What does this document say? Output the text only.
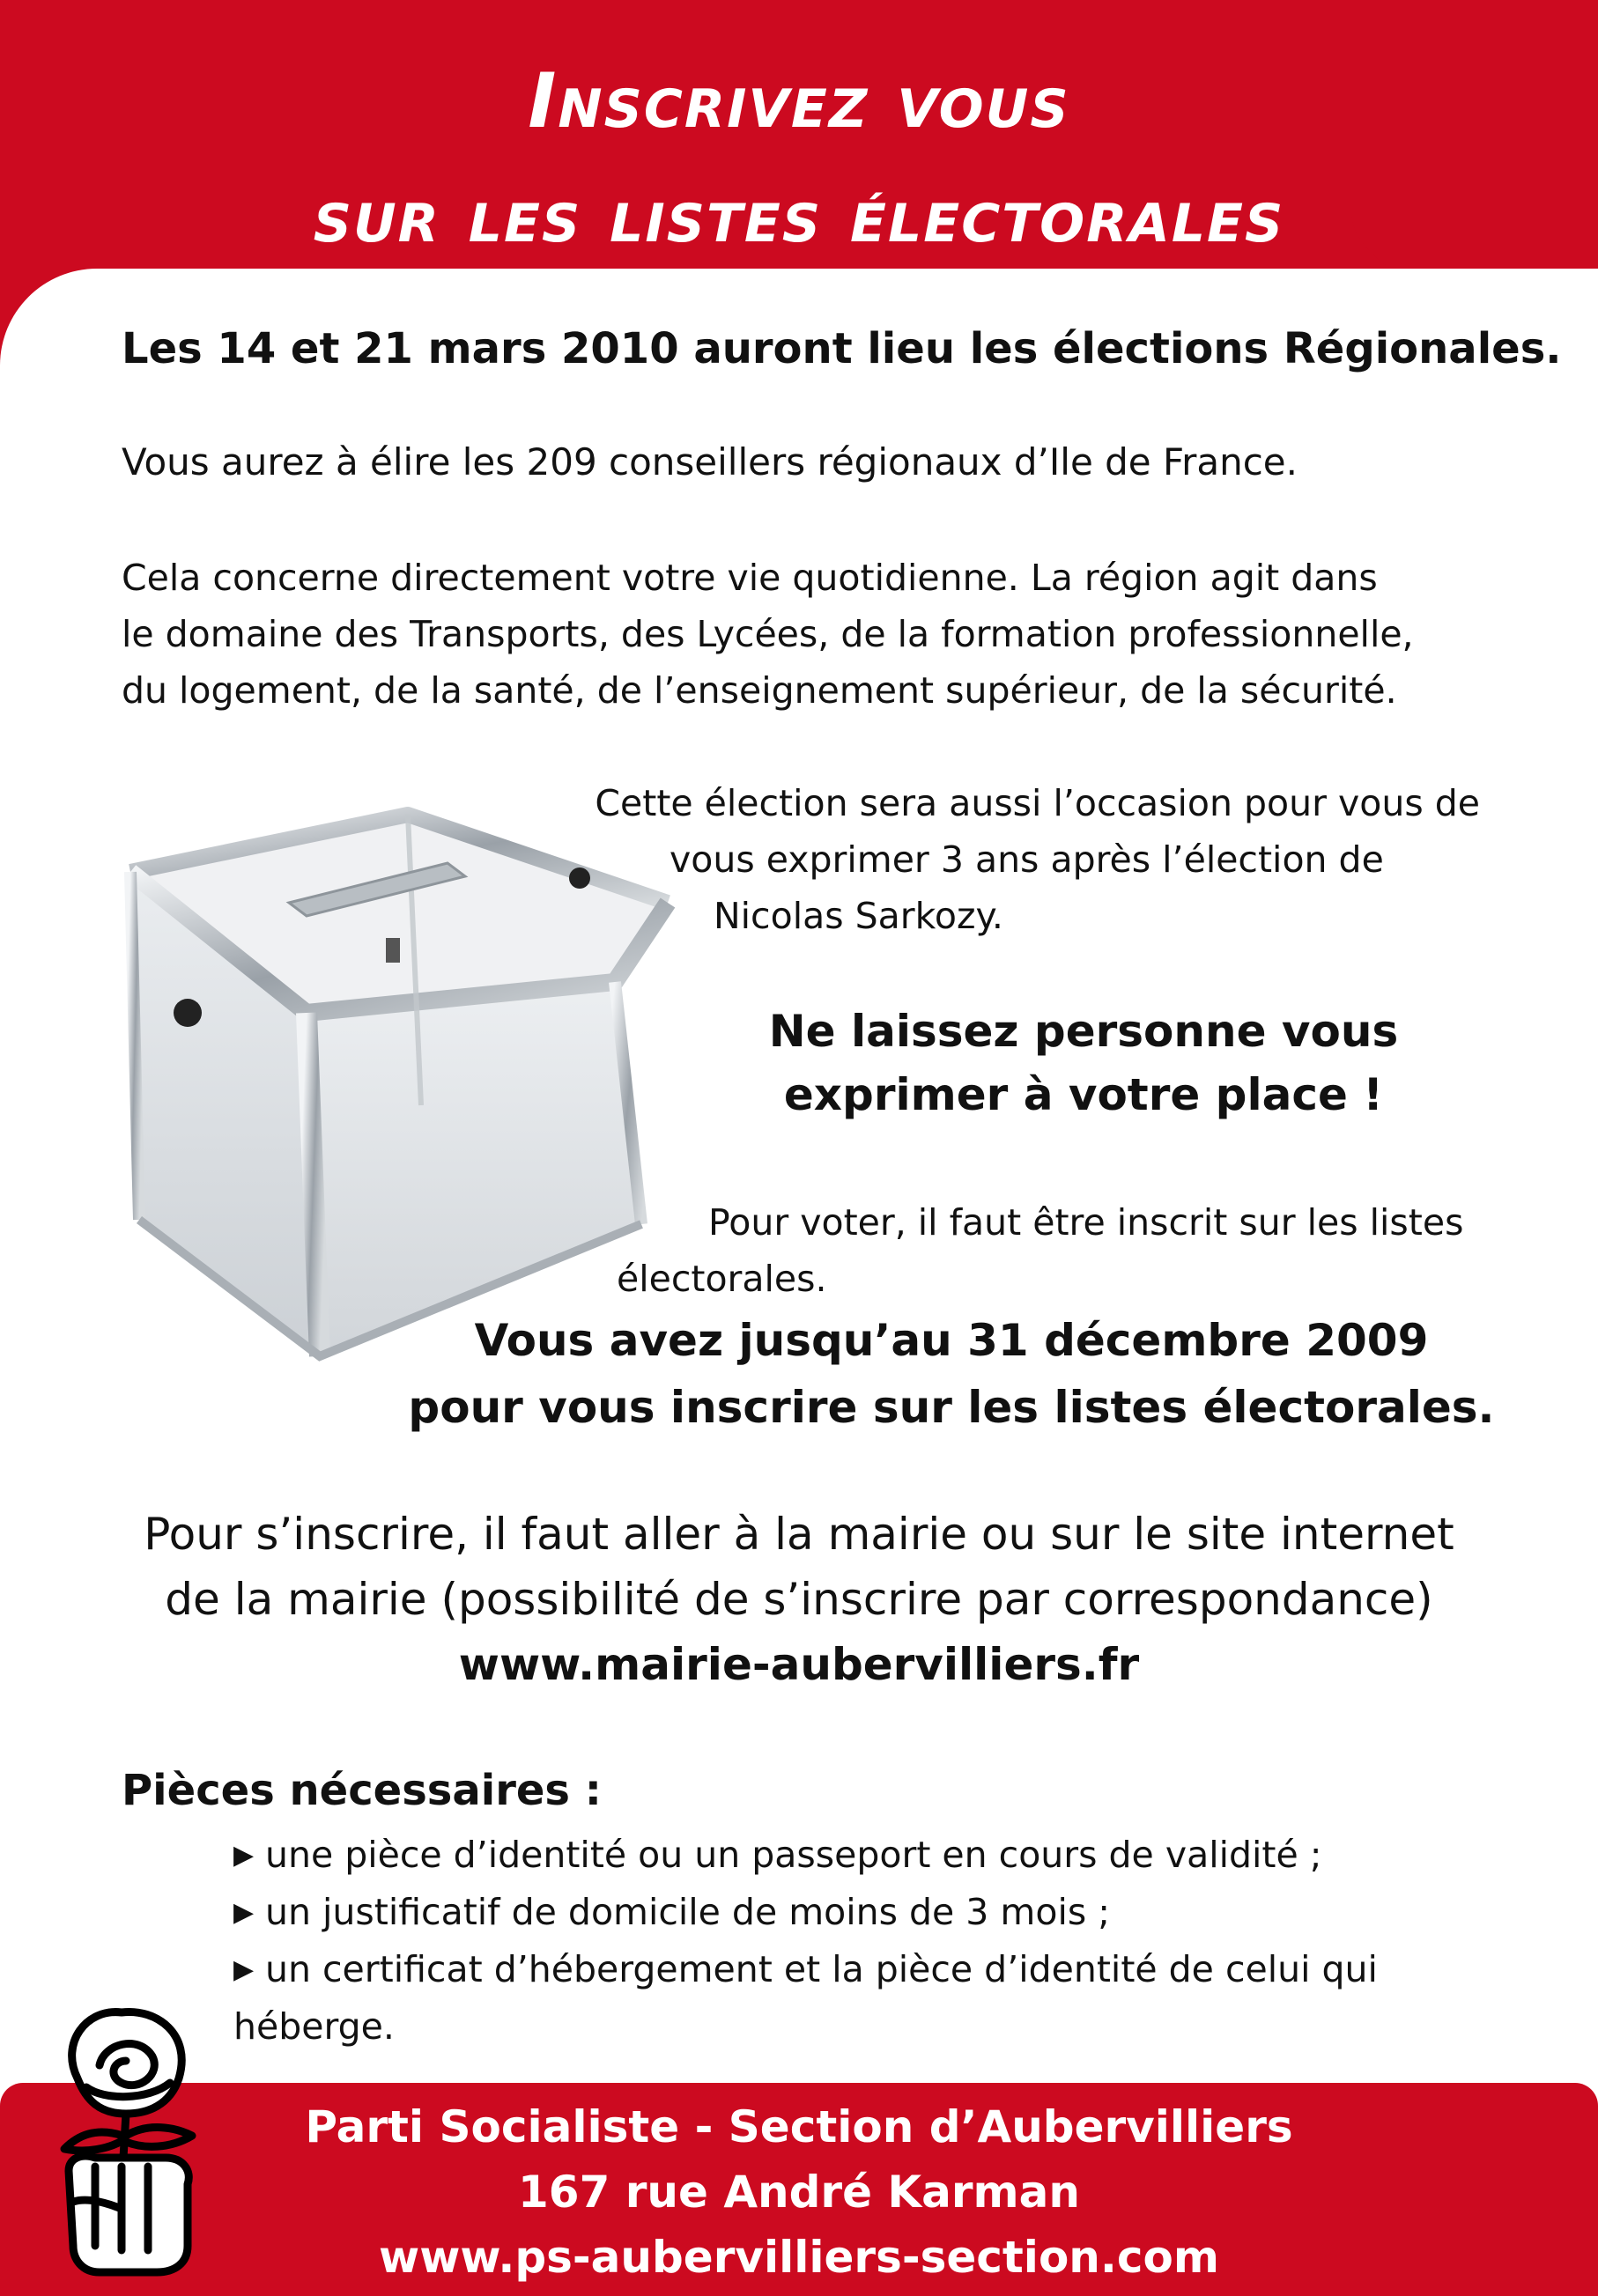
Inscrivez vous
sur les listes électorales
Les 14 et 21 mars 2010 auront lieu les élections Régionales.
Vous aurez à élire les 209 conseillers régionaux d’Ile de France.
Cela concerne directement votre vie quotidienne. La région agit dans
le domaine des Transports, des Lycées, de la formation professionnelle,
du logement, de la santé, de l’enseignement supérieur, de la sécurité.
Cette élection sera aussi l’occasion pour vous de
vous exprimer 3 ans après l’élection de
Nicolas Sarkozy.
Ne laissez personne vous
exprimer à votre place !
Pour voter, il faut être inscrit sur les listes
électorales.
Vous avez jusqu’au 31 décembre 2009
pour vous inscrire sur les listes électorales.
Pour s’inscrire, il faut aller à la mairie ou sur le site internet
de la mairie (possibilité de s’inscrire par correspondance)
www.mairie-aubervilliers.fr
Pièces nécessaires :
▶ une pièce d’identité ou un passeport en cours de validité ;
▶ un justificatif de domicile de moins de 3 mois ;
▶ un certificat d’hébergement et la pièce d’identité de celui qui
héberge.
Parti Socialiste - Section d’Aubervilliers
167 rue André Karman
www.ps-aubervilliers-section.com
